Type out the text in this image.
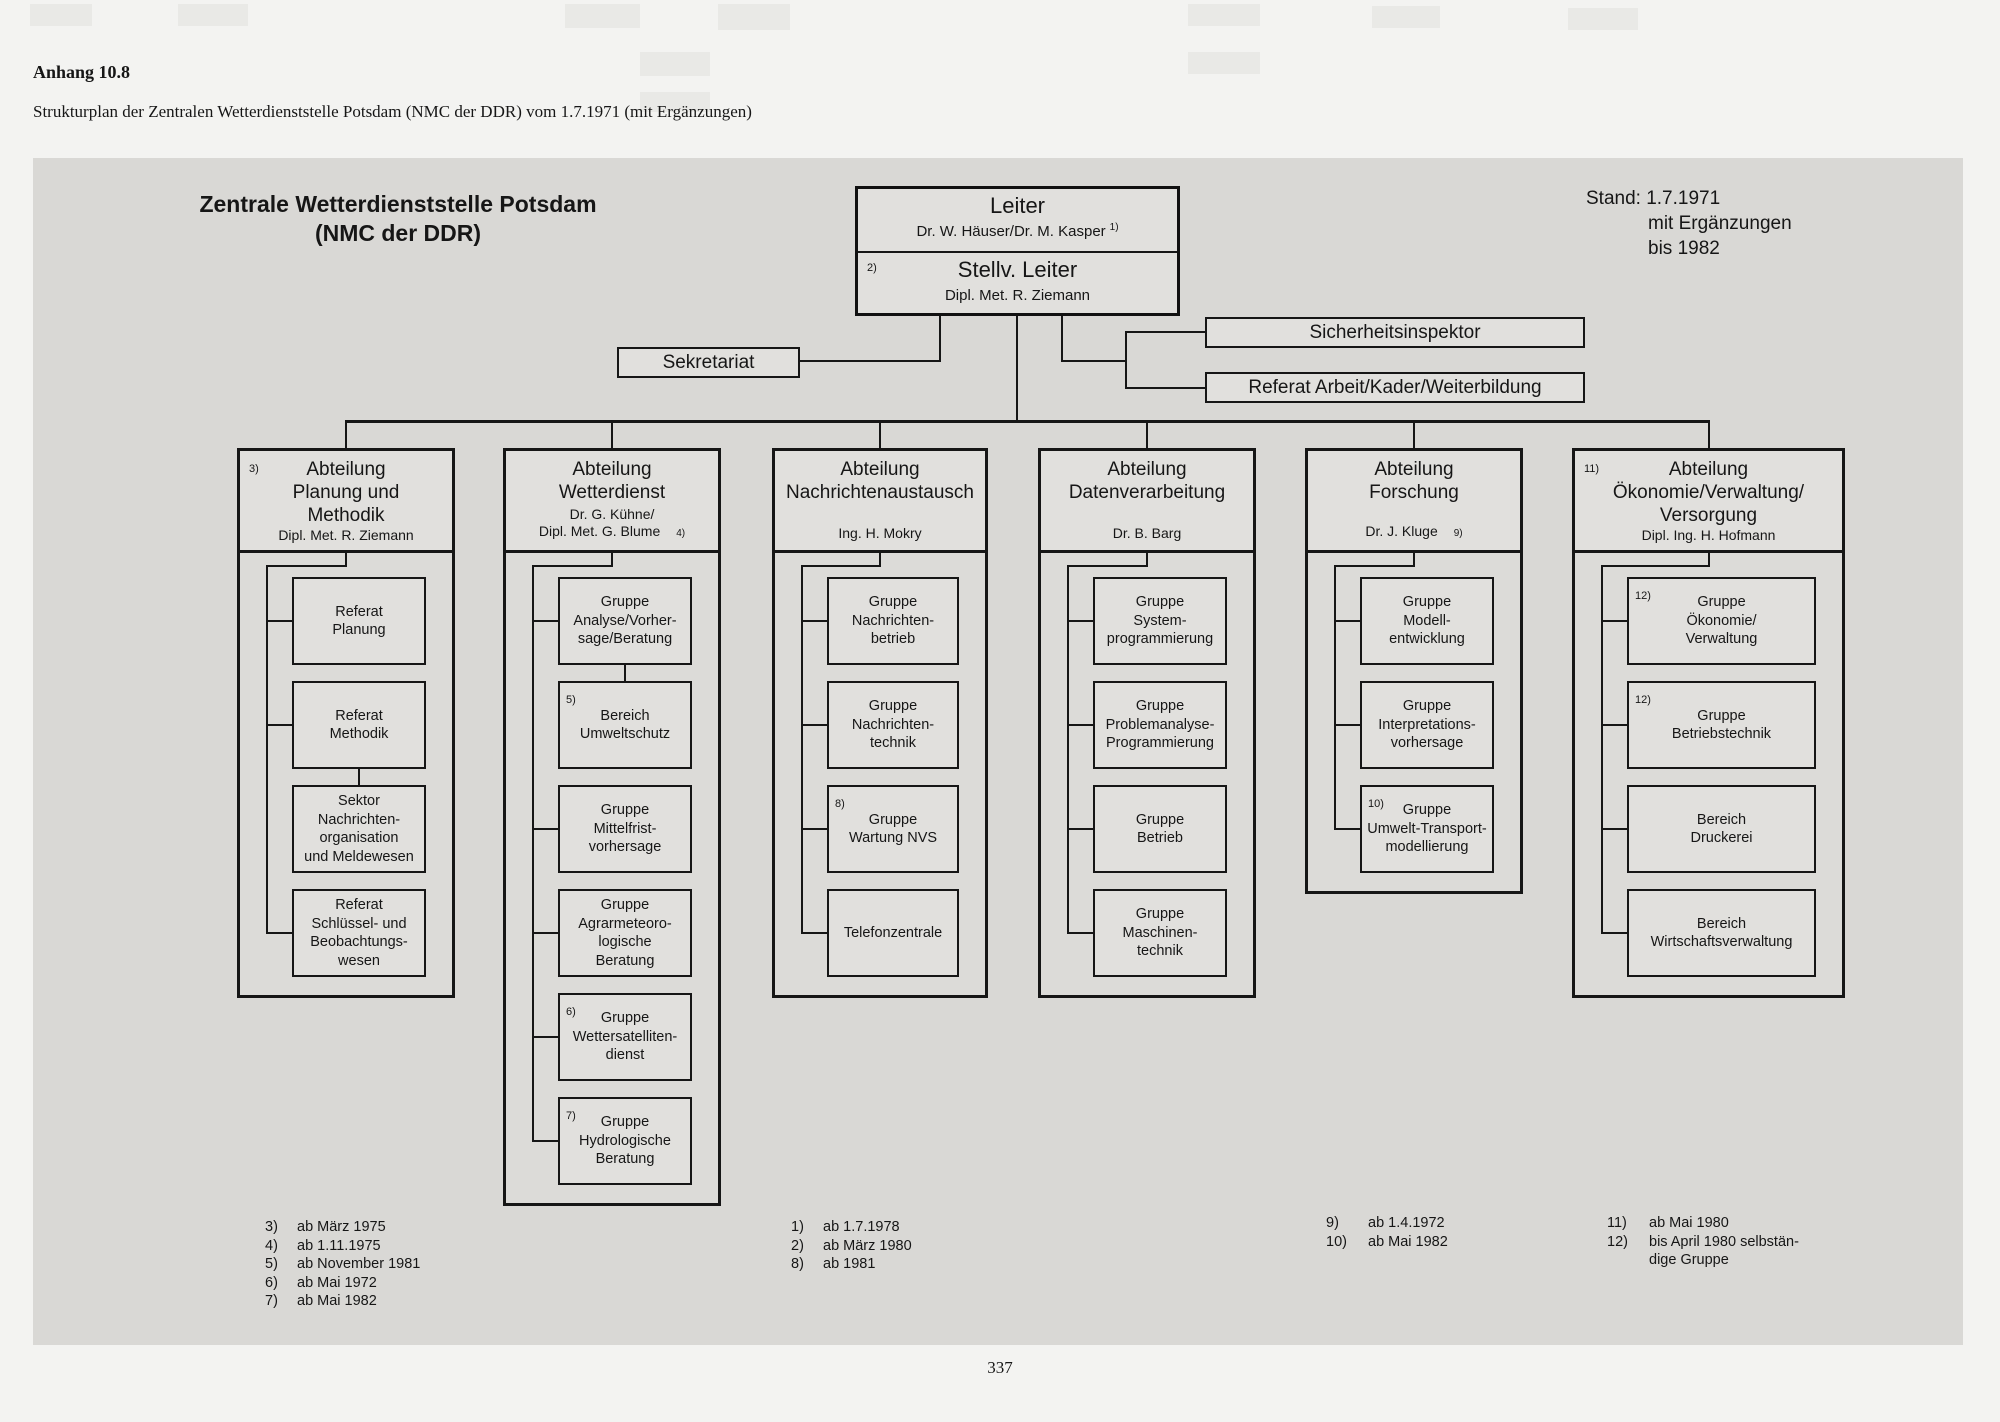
Anhang 10.8
Strukturplan der Zentralen Wetterdienststelle Potsdam (NMC der DDR) vom 1.7.1971 (mit Ergänzungen)
Zentrale Wetterdienststelle Potsdam
(NMC der DDR)
Stand: 1.7.1971
mit Ergänzungen
bis 1982
Leiter
Dr. W. Häuser/Dr. M. Kasper $^{1)}$
2)	Stellv. Leiter
Dipl. Met. R. Ziemann
Sekretariat
Sicherheitsinspektor
Referat Arbeit/Kader/Weiterbildung
3)	Abteilung
Planung und
Methodik
Dipl. Met. R. Ziemann
Referat
Planung
Referat
Methodik
Sektor
Nachrichten-
organisation
und Meldewesen
Referat
Schlüssel- und
Beobachtungs-
wesen
Abteilung
Wetterdienst
Dr. G. Kühne/
Dipl. Met. G. Blume 4)
Gruppe
Analyse/Vorher-
sage/Beratung
5)
Bereich
Umweltschutz
Gruppe
Mittelfrist-
vorhersage
Gruppe
Agrarmeteoro-
logische
Beratung
6)	Gruppe
Wettersatelliten-
dienst
7)	Gruppe
Hydrologische
Beratung
Abteilung
Nachrichtenaustausch
Ing. H. Mokry
Gruppe
Nachrichten-
betrieb
Gruppe
Nachrichten-
technik
8)
Gruppe
Wartung NVS
Telefonzentrale
Abteilung
Datenverarbeitung
Dr. B. Barg
Gruppe
System-
programmierung
Gruppe
Problemanalyse-
Programmierung
Gruppe
Betrieb
Gruppe
Maschinen-
technik
Abteilung
Forschung
Dr. J. Kluge 9)
Gruppe
Modell-
entwicklung
Gruppe
Interpretations-
vorhersage
10)	Gruppe
Umwelt-Transport-
modellierung
11)	Abteilung
Ökonomie/Verwaltung/
Versorgung
Dipl. Ing. H. Hofmann
12)	Gruppe
Ökonomie/
Verwaltung
12)
Gruppe
Betriebstechnik
Bereich
Druckerei
Bereich
Wirtschaftsverwaltung
3)	ab März 1975
4)	ab 1.11.1975
5)	ab November 1981
6)	ab Mai 1972
7)	ab Mai 1982
1)	ab 1.7.1978
2)	ab März 1980
8)	ab 1981
9)	ab 1.4.1972
10)	ab Mai 1982
11)	ab Mai 1980
12)	bis April 1980 selbstän-
dige Gruppe
337
